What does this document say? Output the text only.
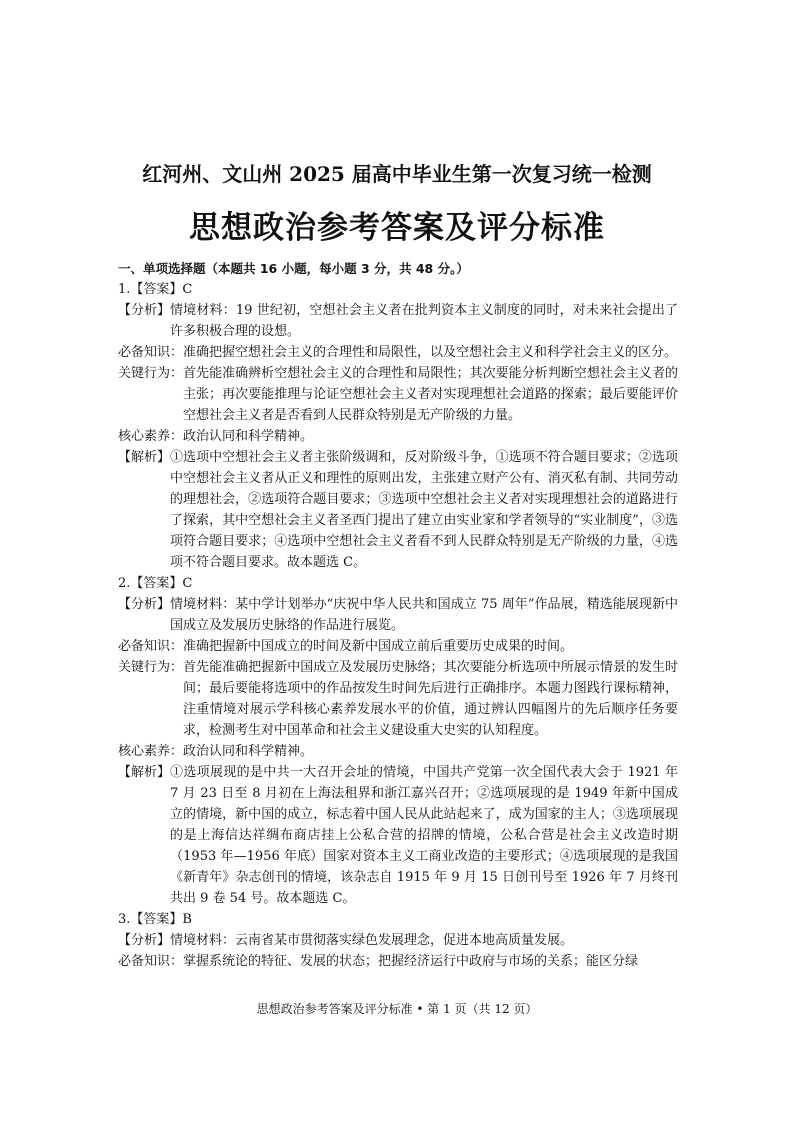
红河州、文山州 2025 届高中毕业生第一次复习统一检测
思想政治参考答案及评分标准
一、单项选择题（本题共 16 小题，每小题 3 分，共 48 分。）
1.【答案】C
【分析】 情境材料：19 世纪初，空想社会主义者在批判资本主义制度的同时，对未来社会提出了许多积极合理的设想。
必备知识： 准确把握空想社会主义的合理性和局限性，以及空想社会主义和科学社会主义的区分。
关键行为： 首先能准确辨析空想社会主义的合理性和局限性；其次要能分析判断空想社会主义者的主张；再次要能推理与论证空想社会主义者对实现理想社会道路的探索；最后要能评价空想社会主义者是否看到人民群众特别是无产阶级的力量。
核心素养： 政治认同和科学精神。
【解析】 ①选项中空想社会主义者主张阶级调和，反对阶级斗争，①选项不符合题目要求；②选项中空想社会主义者从正义和理性的原则出发，主张建立财产公有、消灭私有制、共同劳动的理想社会，②选项符合题目要求；③选项中空想社会主义者对实现理想社会的道路进行了探索，其中空想社会主义者圣西门提出了建立由实业家和学者领导的“实业制度”，③选项符合题目要求；④选项中空想社会主义者看不到人民群众特别是无产阶级的力量，④选项不符合题目要求。故本题选 C。
2.【答案】C
【分析】 情境材料：某中学计划举办“庆祝中华人民共和国成立 75 周年”作品展，精选能展现新中国成立及发展历史脉络的作品进行展览。
必备知识： 准确把握新中国成立的时间及新中国成立前后重要历史成果的时间。
关键行为： 首先能准确把握新中国成立及发展历史脉络；其次要能分析选项中所展示情景的发生时间；最后要能将选项中的作品按发生时间先后进行正确排序。本题力图践行课标精神，注重情境对展示学科核心素养发展水平的价值，通过辨认四幅图片的先后顺序任务要求，检测考生对中国革命和社会主义建设重大史实的认知程度。
核心素养： 政治认同和科学精神。
【解析】 ①选项展现的是中共一大召开会址的情境，中国共产党第一次全国代表大会于 1921 年 7 月 23 日至 8 月初在上海法租界和浙江嘉兴召开；②选项展现的是 1949 年新中国成立的情境，新中国的成立，标志着中国人民从此站起来了，成为国家的主人；③选项展现的是上海信达祥绸布商店挂上公私合营的招牌的情境，公私合营是社会主义改造时期（1953 年—1956 年底）国家对资本主义工商业改造的主要形式；④选项展现的是我国《新青年》杂志创刊的情境，该杂志自 1915 年 9 月 15 日创刊号至 1926 年 7 月终刊共出 9 卷 54 号。故本题选 C。
3.【答案】B
【分析】 情境材料：云南省某市贯彻落实绿色发展理念，促进本地高质量发展。
必备知识： 掌握系统论的特征、发展的状态；把握经济运行中政府与市场的关系；能区分绿
思想政治参考答案及评分标准 • 第 1 页（共 12 页）
